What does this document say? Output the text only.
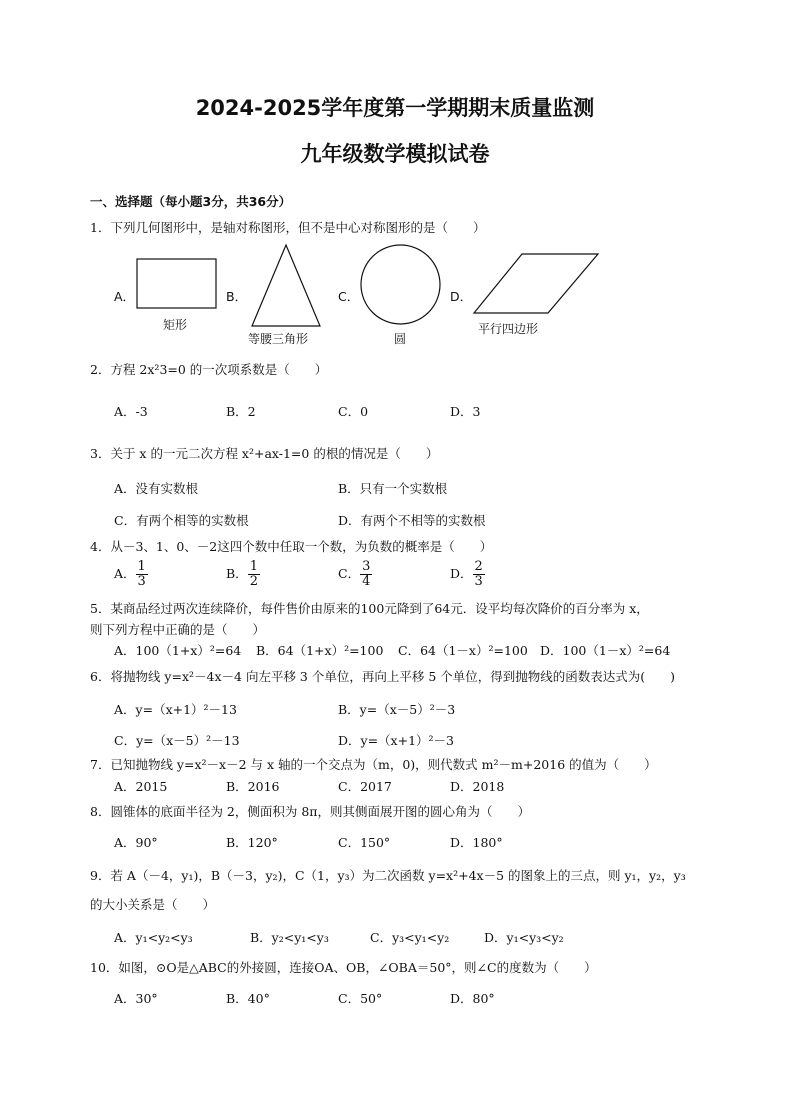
2024-2025学年度第一学期期末质量监测
九年级数学模拟试卷
一、选择题（每小题3分，共36分）
1．下列几何图形中，是轴对称图形，但不是中心对称图形的是（　　）
A．
矩形
B．
等腰三角形
C．
圆
D．
平行四边形
2．方程 2x²3=0 的一次项系数是（　　）
A．-3	B．2	C．0	D．3
3．关于 x 的一元二次方程 x²+ax-1=0 的根的情况是（　　）
A．没有实数根	B．只有一个实数根
C．有两个相等的实数根	D．有两个不相等的实数根
4．从－3、1、0、－2这四个数中任取一个数，为负数的概率是（　　）
A． $\frac{1}{3}$	B． $\frac{1}{2}$	C． $\frac{3}{4}$	D． $\frac{2}{3}$
5．某商品经过两次连续降价，每件售价由原来的100元降到了64元．设平均每次降价的百分率为 x，
则下列方程中正确的是（　　）
A．100（1+x）²=64 B．64（1+x）²=100 C．64（1－x）²=100 D．100（1－x）²=64
6．将抛物线 y=x²－4x－4 向左平移 3 个单位，再向上平移 5 个单位，得到抛物线的函数表达式为(　　)
A．y=（x+1）²－13	B．y=（x－5）²－3
C．y=（x－5）²－13	D．y=（x+1）²－3
7．已知抛物线 y=x²－x－2 与 x 轴的一个交点为（m，0)，则代数式 m²－m+2016 的值为（　　）
A．2015	B．2016	C．2017	D．2018
8．圆锥体的底面半径为 2，侧面积为 8π，则其侧面展开图的圆心角为（　　）
A．90°	B．120°	C．150°	D．180°
9．若 A（－4，y₁)，B（－3，y₂)，C（1，y₃）为二次函数 y=x²+4x－5 的图象上的三点，则 y₁，y₂，y₃
的大小关系是（　　）
A．y₁<y₂<y₃	B．y₂<y₁<y₃	C．y₃<y₁<y₂	D．y₁<y₃<y₂
10．如图，⊙O是△ABC的外接圆，连接OA、OB，∠OBA＝50°，则∠C的度数为（　　）
A．30°	B．40°	C．50°	D．80°
